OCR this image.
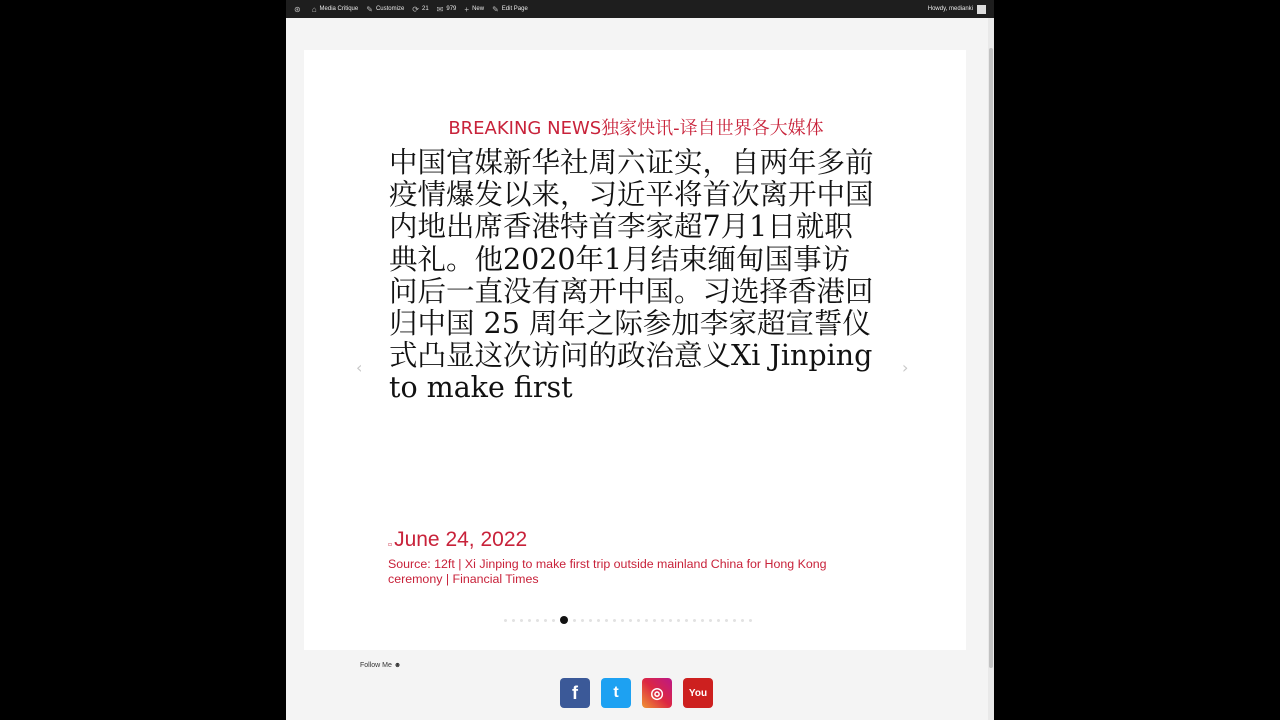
⊛ ⌂ Media Critique ✎ Customize ⟳ 21 ✉ 979 + New ✎ Edit Page	Howdy, medianki
BREAKING NEWS独家快讯-译自世界各大媒体
中国官媒新华社周六证实，自两年多前疫情爆发以来，习近平将首次离开中国内地出席香港特首李家超7月1日就职典礼。他2020年1月结束缅甸国事访问后一直没有离开中国。习选择香港回归中国 25 周年之际参加李家超宣誓仪式凸显这次访问的政治意义Xi Jinping to make first
▫ June 24, 2022
Source: 12ft | Xi Jinping to make first trip outside mainland China for Hong Kong ceremony | Financial Times
‹	›
Follow Me ☻
f	t	◎	You
